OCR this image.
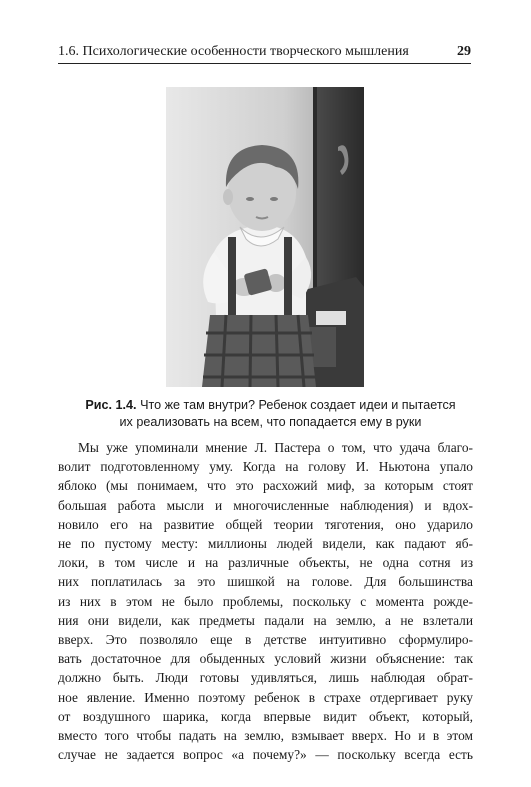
1.6. Психологические особенности творческого мышления	29
Рис. 1.4. Что же там внутри? Ребенок создает идеи и пытается
их реализовать на всем, что попадается ему в руки
Мы уже упоминали мнение Л. Пастера о том, что удача благо-
волит подготовленному уму. Когда на голову И. Ньютона упало
яблоко (мы понимаем, что это расхожий миф, за которым стоят
большая работа мысли и многочисленные наблюдения) и вдох-
новило его на развитие общей теории тяготения, оно ударило
не по пустому месту: миллионы людей видели, как падают яб-
локи, в том числе и на различные объекты, не одна сотня из
них поплатилась за это шишкой на голове. Для большинства
из них в этом не было проблемы, поскольку с момента рожде-
ния они видели, как предметы падали на землю, а не взлетали
вверх. Это позволяло еще в детстве интуитивно сформулиро-
вать достаточное для обыденных условий жизни объяснение: так
должно быть. Люди готовы удивляться, лишь наблюдая обрат-
ное явление. Именно поэтому ребенок в страхе отдергивает руку
от воздушного шарика, когда впервые видит объект, который,
вместо того чтобы падать на землю, взмывает вверх. Но и в этом
случае не задается вопрос «а почему?» — поскольку всегда есть
